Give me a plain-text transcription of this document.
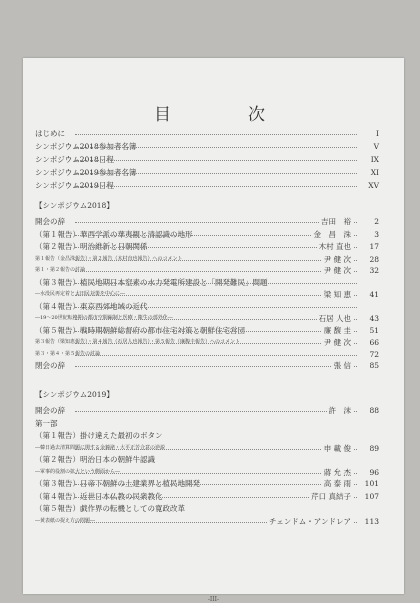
目　次
はじめに	I
シンポジウム2018参加者名簿	V
シンポジウム2018日程	IX
シンポジウム2019参加者名簿	XI
シンポジウム2019日程	XV
【シンポジウム2018】
開会の辞	吉田　裕	2
（第１報告）華西学派の華夷観と清認識の地形	金　昌　洙	3
（第２報告）明治維新と日朝関係	木村 直也	17
第１報告（金昌洙報告）・第２報告（木村直也報告）へのコメント	尹 健 次	28
第１・第２報告の討論	尹 健 次	32
（第３報告）植民地期日本窒素の水力発電所建設と「開発難民」問題
―水没民再定着と太田民対策を中心に―	梁 知 恵	41
（第４報告）東京西郊地域の近代
―19～20世紀転換期の都市空間編制と医療・衛生の部外化―	石居 人也	43
（第５報告）戦時期朝鮮総督府の都市住宅対策と朝鮮住宅営団	廉 馥 圭	51
第３報告（梁知恵報告）・第４報告（石居人也報告）・第５報告（廉馥圭報告）へのコメント	尹 健 次	66
第３・第４・第５報告の討論	72
閉会の辞	張 信	85
【シンポジウム2019】
開会の辞	許　沫	88
第一部
（第１報告）掛け違えた最初のボタン
―韓日過去清算問題に関する金鐘泌・大平正芳合意の逆説	申 載 俊	89
（第２報告）明治日本の朝鮮牛認識
―軍事的役割の拡大という側面から―	蔣 允 杰	96
（第３報告）日帝下朝鮮の土建業界と植民地開発	高 泰 雨	101
（第４報告）近世日本仏教の民衆教化	芹口 真結子	107
（第５報告）戯作界の転機としての寛政改革
―黄表紙の捉え方の問題―	チェンドム・アンドレア	113
-III-
